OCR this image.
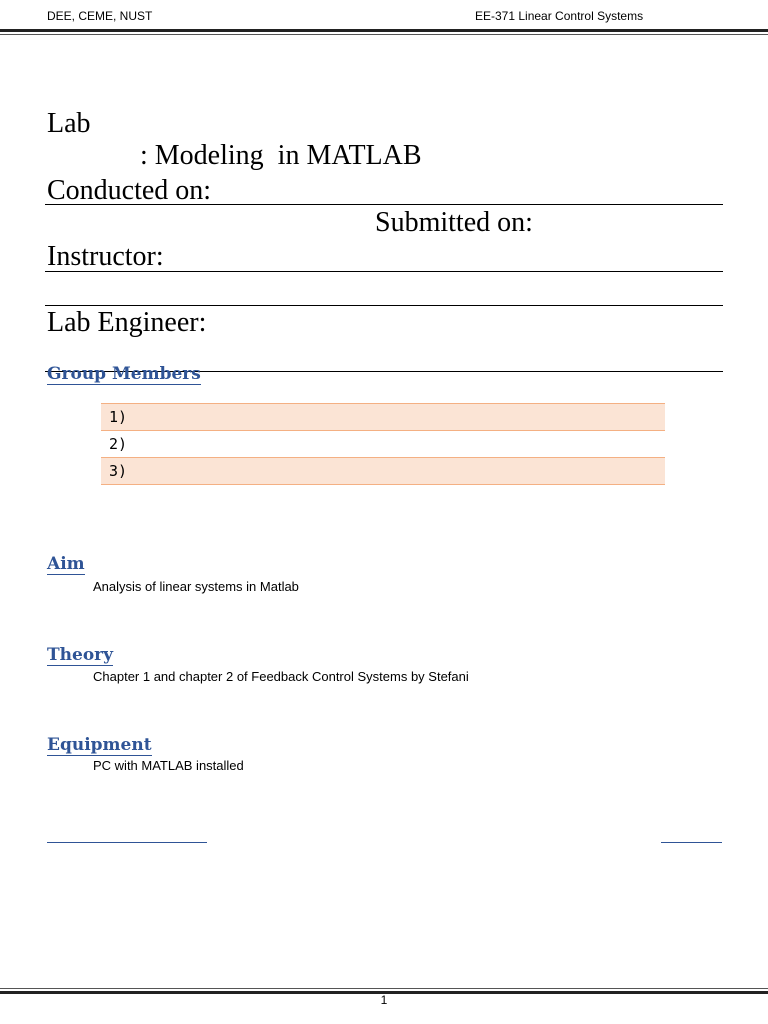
DEE, CEME, NUST	EE-371 Linear Control Systems

Lab

: Modeling  in MATLAB

Conducted on:

Submitted on:

Instructor:

Lab Engineer:

Group Members
1)
2)
3)
Aim
Analysis of linear systems in Matlab
Theory
Chapter 1 and chapter 2 of Feedback Control Systems by Stefani
Equipment
PC with MATLAB installed
1
